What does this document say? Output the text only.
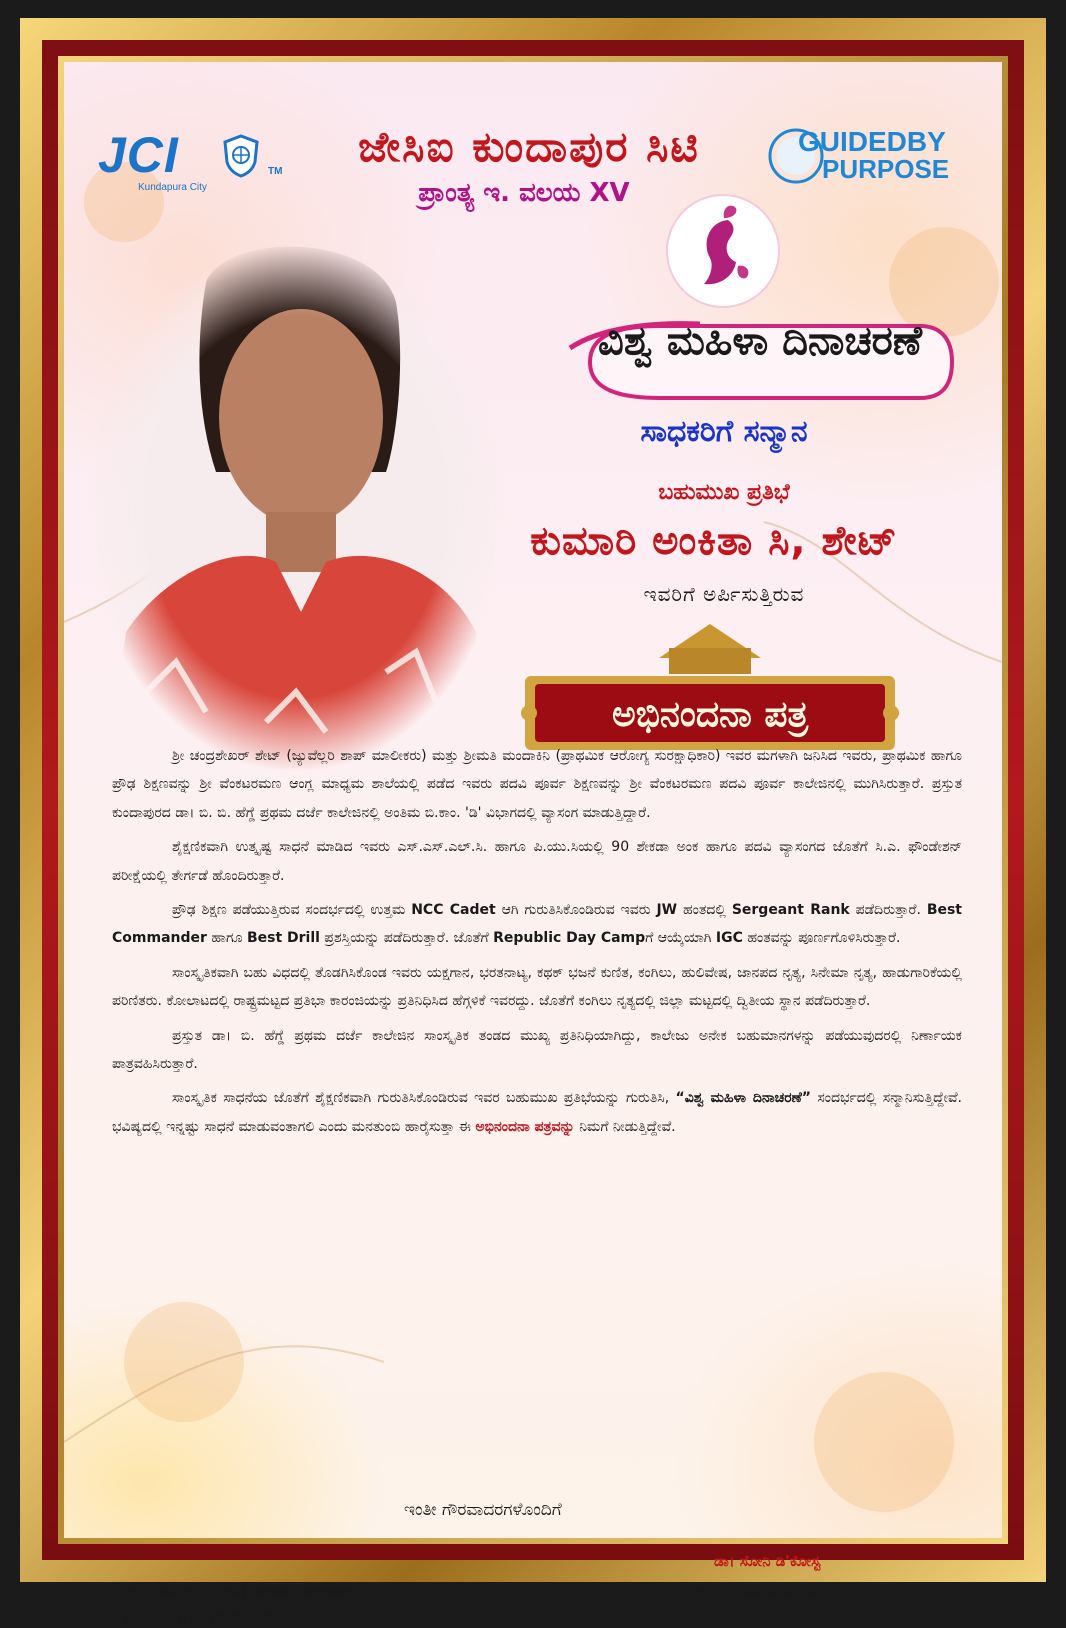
JCI	TM
Kundapura City
ಜೇಸಿಐ ಕುಂದಾಪುರ ಸಿಟಿ
ಪ್ರಾಂತ್ಯ ಇ. ವಲಯ XV
GUIDEDBY
PURPOSE
ವಿಶ್ವ ಮಹಿಳಾ ದಿನಾಚರಣೆ
ಸಾಧಕರಿಗೆ ಸನ್ಮಾನ
ಬಹುಮುಖ ಪ್ರತಿಭೆ
ಕುಮಾರಿ ಅಂಕಿತಾ ಸಿ, ಶೇಟ್
ಇವರಿಗೆ ಅರ್ಪಿಸುತ್ತಿರುವ
ಅಭಿನಂದನಾ ಪತ್ರ

ಶ್ರೀ ಚಂದ್ರಶೇಖರ್ ಶೇಟ್ (ಜ್ಯುವೆಲ್ಲರಿ ಶಾಪ್ ಮಾಲೀಕರು) ಮತ್ತು ಶ್ರೀಮತಿ ಮಂದಾಕಿನಿ (ಪ್ರಾಥಮಿಕ ಆರೋಗ್ಯ ಸುರಕ್ಷಾಧಿಕಾರಿ) ಇವರ ಮಗಳಾಗಿ ಜನಿಸಿದ ಇವರು, ಪ್ರಾಥಮಿಕ ಹಾಗೂ ಪ್ರೌಢ ಶಿಕ್ಷಣವನ್ನು ಶ್ರೀ ವೆಂಕಟರಮಣ ಆಂಗ್ಲ ಮಾಧ್ಯಮ ಶಾಲೆಯಲ್ಲಿ ಪಡೆದ ಇವರು ಪದವಿ ಪೂರ್ವ ಶಿಕ್ಷಣವನ್ನು ಶ್ರೀ ವೆಂಕಟರಮಣ ಪದವಿ ಪೂರ್ವ ಕಾಲೇಜಿನಲ್ಲಿ ಮುಗಿಸಿರುತ್ತಾರೆ. ಪ್ರಸ್ತುತ ಕುಂದಾಪುರದ ಡಾ। ಬಿ. ಬಿ. ಹೆಗ್ಡೆ ಪ್ರಥಮ ದರ್ಜೆ ಕಾಲೇಜಿನಲ್ಲಿ ಅಂತಿಮ ಬಿ.ಕಾಂ. 'ಡಿ' ವಿಭಾಗದಲ್ಲಿ ವ್ಯಾಸಂಗ ಮಾಡುತ್ತಿದ್ದಾರೆ.

ಶೈಕ್ಷಣಿಕವಾಗಿ ಉತ್ಕೃಷ್ಟ ಸಾಧನೆ ಮಾಡಿದ ಇವರು ಎಸ್.ಎಸ್.ಎಲ್.ಸಿ. ಹಾಗೂ ಪಿ.ಯು.ಸಿಯಲ್ಲಿ 90 ಶೇಕಡಾ ಅಂಕ ಹಾಗೂ ಪದವಿ ವ್ಯಾಸಂಗದ ಜೊತೆಗೆ ಸಿ.ಎ. ಫೌಂಡೇಶನ್ ಪರೀಕ್ಷೆಯಲ್ಲಿ ತೇರ್ಗಡೆ ಹೊಂದಿರುತ್ತಾರೆ.

ಪ್ರೌಢ ಶಿಕ್ಷಣ ಪಡೆಯುತ್ತಿರುವ ಸಂದರ್ಭದಲ್ಲಿ ಉತ್ತಮ NCC Cadet ಆಗಿ ಗುರುತಿಸಿಕೊಂಡಿರುವ ಇವರು JW ಹಂತದಲ್ಲಿ Sergeant Rank ಪಡೆದಿರುತ್ತಾರೆ. Best Commander ಹಾಗೂ Best Drill ಪ್ರಶಸ್ತಿಯನ್ನು ಪಡೆದಿರುತ್ತಾರೆ. ಜೊತೆಗೆ Republic Day Campಗೆ ಆಯ್ಕೆಯಾಗಿ IGC ಹಂತವನ್ನು ಪೂರ್ಣಗೊಳಿಸಿರುತ್ತಾರೆ.

ಸಾಂಸ್ಕೃತಿಕವಾಗಿ ಬಹು ವಿಧದಲ್ಲಿ ತೊಡಗಿಸಿಕೊಂಡ ಇವರು ಯಕ್ಷಗಾನ, ಭರತನಾಟ್ಯ, ಕಥಕ್ ಭಜನೆ ಕುಣಿತ, ಕಂಗಿಲು, ಹುಲಿವೇಷ, ಜಾನಪದ ನೃತ್ಯ, ಸಿನೇಮಾ ನೃತ್ಯ, ಹಾಡುಗಾರಿಕೆಯಲ್ಲಿ ಪರಿಣಿತರು. ಕೋಲಾಟದಲ್ಲಿ ರಾಷ್ಟ್ರಮಟ್ಟದ ಪ್ರತಿಭಾ ಕಾರಂಜಿಯನ್ನು ಪ್ರತಿನಿಧಿಸಿದ ಹೆಗ್ಗಳಿಕೆ ಇವರದ್ದು. ಜೊತೆಗೆ ಕಂಗಿಲು ನೃತ್ಯದಲ್ಲಿ ಜಿಲ್ಲಾ ಮಟ್ಟದಲ್ಲಿ ದ್ವಿತೀಯ ಸ್ಥಾನ ಪಡೆದಿರುತ್ತಾರೆ.

ಪ್ರಸ್ತುತ ಡಾ। ಬಿ. ಹೆಗ್ಡೆ ಪ್ರಥಮ ದರ್ಜೆ ಕಾಲೇಜಿನ ಸಾಂಸ್ಕೃತಿಕ ತಂಡದ ಮುಖ್ಯ ಪ್ರತಿನಿಧಿಯಾಗಿದ್ದು, ಕಾಲೇಜು ಅನೇಕ ಬಹುಮಾನಗಳನ್ನು ಪಡೆಯುವುದರಲ್ಲಿ ನಿರ್ಣಾಯಕ ಪಾತ್ರವಹಿಸಿರುತ್ತಾರೆ.

ಸಾಂಸ್ಕೃತಿಕ ಸಾಧನೆಯ ಜೊತೆಗೆ ಶೈಕ್ಷಣಿಕವಾಗಿ ಗುರುತಿಸಿಕೊಂಡಿರುವ ಇವರ ಬಹುಮುಖ ಪ್ರತಿಭೆಯನ್ನು ಗುರುತಿಸಿ, “ವಿಶ್ವ ಮಹಿಳಾ ದಿನಾಚರಣೆ” ಸಂದರ್ಭದಲ್ಲಿ ಸನ್ಮಾನಿಸುತ್ತಿದ್ದೇವೆ. ಭವಿಷ್ಯದಲ್ಲಿ ಇನ್ನಷ್ಟು ಸಾಧನೆ ಮಾಡುವಂತಾಗಲಿ ಎಂದು ಮನತುಂಬಿ ಹಾರೈಸುತ್ತಾ ಈ ಅಭಿನಂದನಾ ಪತ್ರವನ್ನು ನಿಮಗೆ ನೀಡುತ್ತಿದ್ದೇವೆ.

ಇಂತೀ ಗೌರವಾದರಗಳೊಂದಿಗೆ
ಡಾ। ಸೋನಿ ಡಿ'ಕೋಸ್ಟ
ಅಧ್ಯಕ್ಷರು ಹಾಗೂ ಸರ್ವಸದಸ್ಯರು
ಜೇಸಿಐ ಕುಂದಾಪುರ ಸಿಟಿ
ಸ್ಥಳ : ಡಾ। ಬಿ. ಬಿ. ಹೆಗ್ಡೆ ಕಾಲೇಜು, ಕುಂದಾಪುರ
ದಿನಾಂಕ : 08-03-2023
